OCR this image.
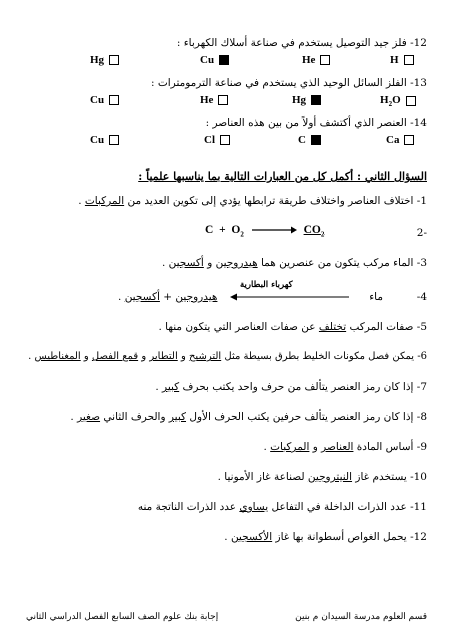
12- فلز جيد التوصيل يستخدم في صناعة أسلاك الكهرباء :
Hg	Cu	He	H
13- الفلز السائل الوحيد الذي يستخدم في صناعة الترمومترات :
Cu	He	Hg	$H_2O$
14- العنصر الذي أكتشف أولاً من بين هذه العناصر :
Cu	Cl	C	Ca
السؤال الثاني : أكمل كل من العبارات التالية بما يناسبها علمياً :
1- اختلاف العناصر واختلاف طريقة ترابطها يؤدي إلى تكوين العديد من المركبات .
-2
$C + O_2$	$CO_2$
3- الماء مركب يتكون من عنصرين هما هيدروجين و أكسجين .
4-
ماء
كهرباء البطارية
هيدروجين + أكسجين .
5- صفات المركب تختلف عن صفات العناصر التي يتكون منها .
6- يمكن فصل مكونات الخليط بطرق بسيطة مثل الترشيح و التطاير و قمع الفصل و المغناطيس .
7- إذا كان رمز العنصر يتألف من حرف واحد يكتب بحرف كبير .
8- إذا كان رمز العنصر يتألف حرفين يكتب الحرف الأول كبير والحرف الثاني صغير .
9- أساس المادة العناصر و المركبات .
10- يستخدم غاز النيتروجين لصناعة غاز الأمونيا .
11- عدد الذرات الداخلة في التفاعل يساوي عدد الذرات الناتجة منه
12- يحمل الغواص أسطوانة بها غاز الأكسجين .
قسم العلوم مدرسة السيدان م بنين
إجابة بنك علوم الصف السابع الفصل الدراسي الثاني
